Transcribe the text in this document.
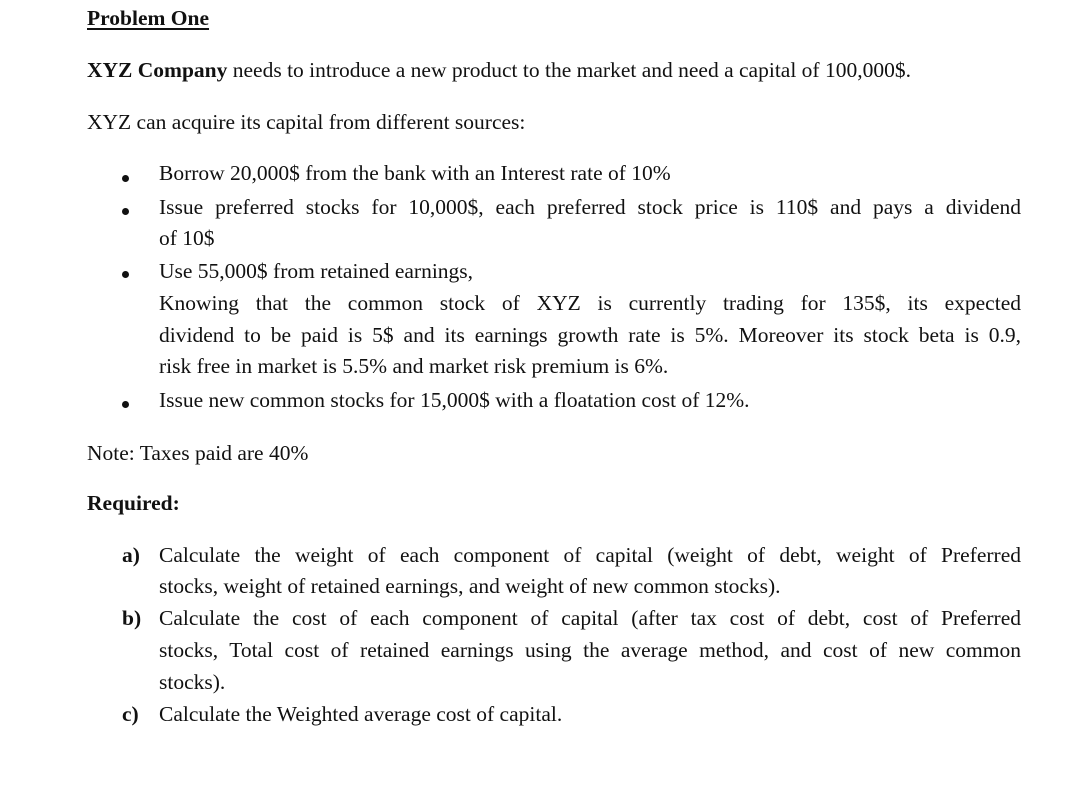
Problem One
XYZ Company needs to introduce a new product to the market and need a capital of 100,000$.
XYZ can acquire its capital from different sources:
Borrow 20,000$ from the bank with an Interest rate of 10%
Issue preferred stocks for 10,000$, each preferred stock price is 110$ and pays a dividend
of 10$
Use 55,000$ from retained earnings,
Knowing that the common stock of XYZ is currently trading for 135$, its expected
dividend to be paid is 5$ and its earnings growth rate is 5%. Moreover its stock beta is 0.9,
risk free in market is 5.5% and market risk premium is 6%.
Issue new common stocks for 15,000$ with a floatation cost of 12%.
Note: Taxes paid are 40%
Required:
a) Calculate the weight of each component of capital (weight of debt, weight of Preferred
stocks, weight of retained earnings, and weight of new common stocks).
b) Calculate the cost of each component of capital (after tax cost of debt, cost of Preferred
stocks, Total cost of retained earnings using the average method, and cost of new common
stocks).
c) Calculate the Weighted average cost of capital.
